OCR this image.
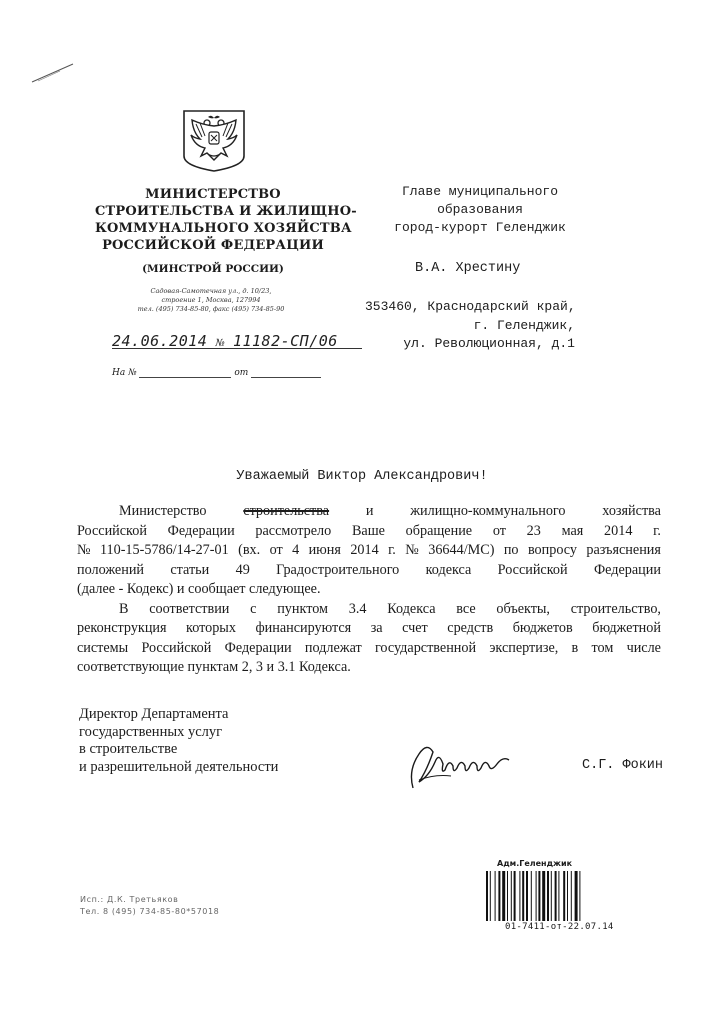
МИНИСТЕРСТВО
СТРОИТЕЛЬСТВА И ЖИЛИЩНО-
КОММУНАЛЬНОГО ХОЗЯЙСТВА
РОССИЙСКОЙ ФЕДЕРАЦИИ
(МИНСТРОЙ РОССИИ)
Садовая-Самотечная ул., д. 10/23,
строение 1, Москва, 127994
тел. (495) 734-85-80, факс (495) 734-85-90
24.06.2014 № 11182-СП/06
На №	от
Главе муниципального
образования
город-курорт Геленджик
В.А. Хрестину
353460, Краснодарский край,
г. Геленджик,
ул. Революционная, д.1
Уважаемый Виктор Александрович!
Министерство	строительства	и	жилищно-коммунального	хозяйства
Российской Федерации рассмотрело Ваше обращение от 23 мая 2014 г.
№ 110-15-5786/14-27-01 (вх. от 4 июня 2014 г. № 36644/МС) по вопросу разъяснения
положений статьи 49 Градостроительного кодекса Российской Федерации
(далее - Кодекс) и сообщает следующее.
В соответствии с пунктом 3.4 Кодекса все объекты, строительство,
реконструкция которых финансируются за счет средств бюджетов бюджетной
системы Российской Федерации подлежат государственной экспертизе, в том числе
соответствующие пунктам 2, 3 и 3.1 Кодекса.
Директор Департамента
государственных услуг
в строительстве
и разрешительной деятельности	С.Г. Фокин
Исп.: Д.К. Третьяков
Тел. 8 (495) 734-85-80*57018
Адм.Геленджик
01-7411-от-22.07.14
